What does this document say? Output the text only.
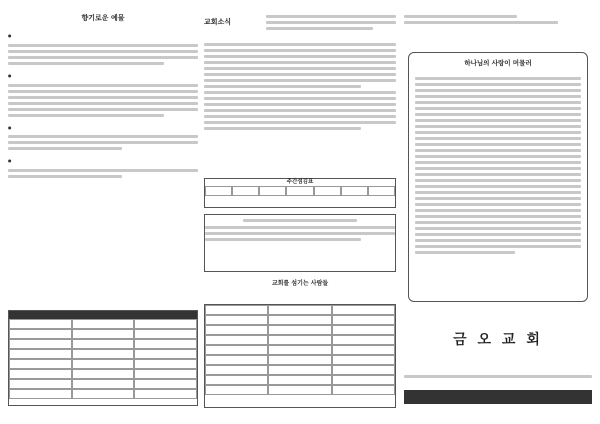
향기로운 예물
●
●
●
●	교회소식
주간섬김표
교회를 섬기는 사람들
하나님의 사랑이 머물러
금 오 교 회
